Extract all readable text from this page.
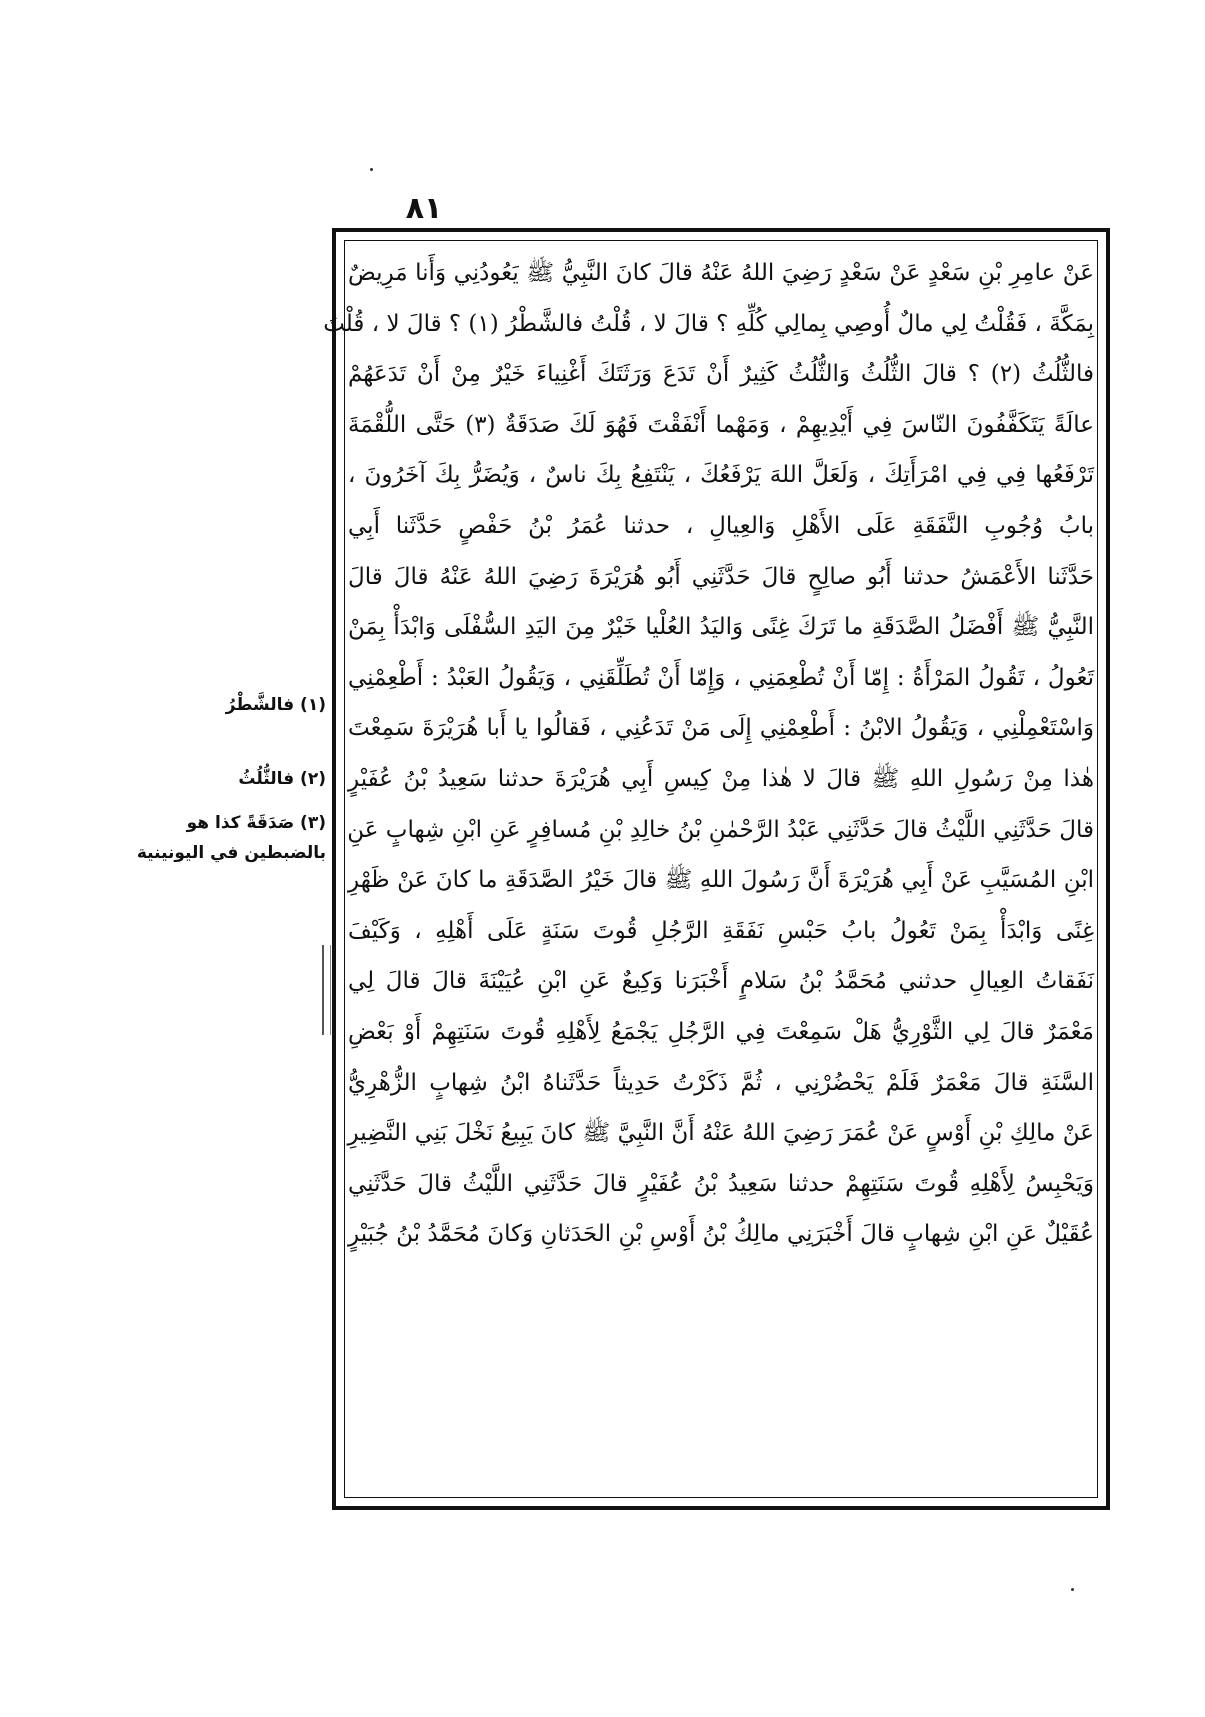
٨١
عَنْ عامِرِ بْنِ سَعْدٍ عَنْ سَعْدٍ رَضِيَ اللهُ عَنْهُ قالَ كانَ النَّبِيُّ ﷺ يَعُودُنِي وَأَنا مَرِيضٌ
بِمَكَّةَ ، فَقُلْتُ لِي مالٌ أُوصِي بِمالِي كُلِّهِ ؟ قالَ لا ، قُلْتُ فالشَّطْرُ (١) ؟ قالَ لا ، قُلْتُ
فالثُّلُثُ (٢) ؟ قالَ الثُّلُثُ وَالثُّلُثُ كَثِيرٌ أَنْ تَدَعَ وَرَثَتَكَ أَغْنِياءَ خَيْرٌ مِنْ أَنْ تَدَعَهُمْ
عالَةً يَتَكَفَّفُونَ النّاسَ فِي أَيْدِيهِمْ ، وَمَهْما أَنْفَقْتَ فَهُوَ لَكَ صَدَقَةٌ (٣) حَتَّى اللُّقْمَةَ
تَرْفَعُها فِي فِي امْرَأَتِكَ ، وَلَعَلَّ اللهَ يَرْفَعُكَ ، يَنْتَفِعُ بِكَ ناسٌ ، وَيُضَرُّ بِكَ آخَرُونَ ،
بابُ وُجُوبِ النَّفَقَةِ عَلَى الأَهْلِ وَالعِيالِ ، حدثنا عُمَرُ بْنُ حَفْصٍ حَدَّثَنا أَبِي
حَدَّثَنا الأَعْمَشُ حدثنا أَبُو صالِحٍ قالَ حَدَّثَنِي أَبُو هُرَيْرَةَ رَضِيَ اللهُ عَنْهُ قالَ قالَ
النَّبِيُّ ﷺ أَفْضَلُ الصَّدَقَةِ ما تَرَكَ غِنًى وَاليَدُ العُلْيا خَيْرٌ مِنَ اليَدِ السُّفْلَى وَابْدَأْ بِمَنْ
تَعُولُ ، تَقُولُ المَرْأَةُ : إِمّا أَنْ تُطْعِمَنِي ، وَإِمّا أَنْ تُطَلِّقَنِي ، وَيَقُولُ العَبْدُ : أَطْعِمْنِي
وَاسْتَعْمِلْنِي ، وَيَقُولُ الابْنُ : أَطْعِمْنِي إِلَى مَنْ تَدَعُنِي ، فَقالُوا يا أَبا هُرَيْرَةَ سَمِعْتَ
هٰذا مِنْ رَسُولِ اللهِ ﷺ قالَ لا هٰذا مِنْ كِيسِ أَبِي هُرَيْرَةَ حدثنا سَعِيدُ بْنُ عُفَيْرٍ
قالَ حَدَّثَنِي اللَّيْثُ قالَ حَدَّثَنِي عَبْدُ الرَّحْمٰنِ بْنُ خالِدِ بْنِ مُسافِرٍ عَنِ ابْنِ شِهابٍ عَنِ
ابْنِ المُسَيَّبِ عَنْ أَبِي هُرَيْرَةَ أَنَّ رَسُولَ اللهِ ﷺ قالَ خَيْرُ الصَّدَقَةِ ما كانَ عَنْ ظَهْرِ
غِنًى وَابْدَأْ بِمَنْ تَعُولُ بابُ حَبْسِ نَفَقَةِ الرَّجُلِ قُوتَ سَنَةٍ عَلَى أَهْلِهِ ، وَكَيْفَ
نَفَقاتُ العِيالِ حدثني مُحَمَّدُ بْنُ سَلامٍ أَخْبَرَنا وَكِيعٌ عَنِ ابْنِ عُيَيْنَةَ قالَ قالَ لِي
مَعْمَرٌ قالَ لِي الثَّوْرِيُّ هَلْ سَمِعْتَ فِي الرَّجُلِ يَجْمَعُ لِأَهْلِهِ قُوتَ سَنَتِهِمْ أَوْ بَعْضِ
السَّنَةِ قالَ مَعْمَرٌ فَلَمْ يَحْضُرْنِي ، ثُمَّ ذَكَرْتُ حَدِيثاً حَدَّثَناهُ ابْنُ شِهابٍ الزُّهْرِيُّ
عَنْ مالِكِ بْنِ أَوْسٍ عَنْ عُمَرَ رَضِيَ اللهُ عَنْهُ أَنَّ النَّبِيَّ ﷺ كانَ يَبِيعُ نَخْلَ بَنِي النَّضِيرِ
وَيَحْبِسُ لِأَهْلِهِ قُوتَ سَنَتِهِمْ حدثنا سَعِيدُ بْنُ عُفَيْرٍ قالَ حَدَّثَنِي اللَّيْثُ قالَ حَدَّثَنِي
عُقَيْلٌ عَنِ ابْنِ شِهابٍ قالَ أَخْبَرَنِي مالِكُ بْنُ أَوْسِ بْنِ الحَدَثانِ وَكانَ مُحَمَّدُ بْنُ جُبَيْرٍ
(١) فالشَّطْرُ
(٢) فالثُّلُثُ
(٣) صَدَقَةً كذا هو
بالضبطين في اليونينية
